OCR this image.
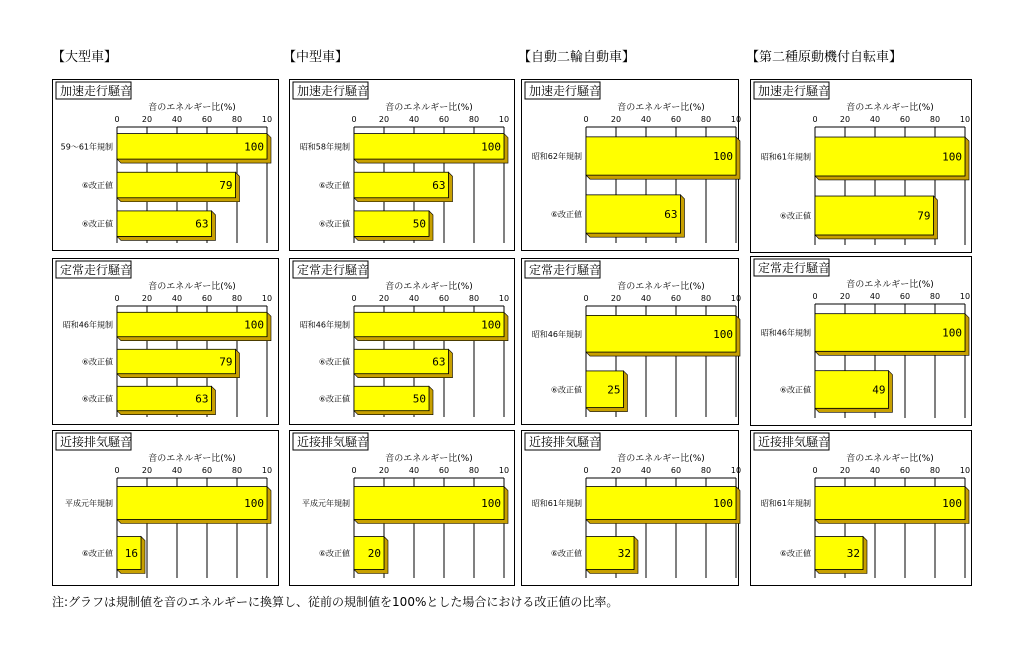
【大型車】	【中型車】	【自動二輪自動車】	【第二種原動機付自転車】
加速走行騒音
音のエネルギー比(%)
0	20 40 60 80 10
100
59～61年規制
79
⑥改正値
63
⑥改正値
加速走行騒音
音のエネルギー比(%)
0	20 40 60 80 10
100
昭和58年規制
63
⑥改正値
50
⑥改正値
加速走行騒音
音のエネルギー比(%)
0	20 40 60 80 10
100
昭和62年規制
63
⑥改正値
加速走行騒音
音のエネルギー比(%)
0	20 40 60 80 10
100
昭和61年規制
79
⑥改正値
定常走行騒音
音のエネルギー比(%)
0	20 40 60 80 10
100
昭和46年規制
79
⑥改正値
63
⑥改正値
定常走行騒音
音のエネルギー比(%)
0	20 40 60 80 10
100
昭和46年規制
63
⑥改正値
50
⑥改正値
定常走行騒音
音のエネルギー比(%)
0	20 40 60 80 10
100
昭和46年規制
25
⑥改正値
定常走行騒音
音のエネルギー比(%)
0	20 40 60 80 10
100
昭和46年規制
49
⑥改正値
近接排気騒音
音のエネルギー比(%)
0	20 40 60 80 10
100
平成元年規制
16
⑥改正値
近接排気騒音
音のエネルギー比(%)
0	20 40 60 80 10
100
平成元年規制
20
⑥改正値
近接排気騒音
音のエネルギー比(%)
0	20 40 60 80 10
100
昭和61年規制
32
⑥改正値
近接排気騒音
音のエネルギー比(%)
0	20 40 60 80 10
100
昭和61年規制
32
⑥改正値
注:グラフは規制値を音のエネルギーに換算し、従前の規制値を100%とした場合における改正値の比率。
